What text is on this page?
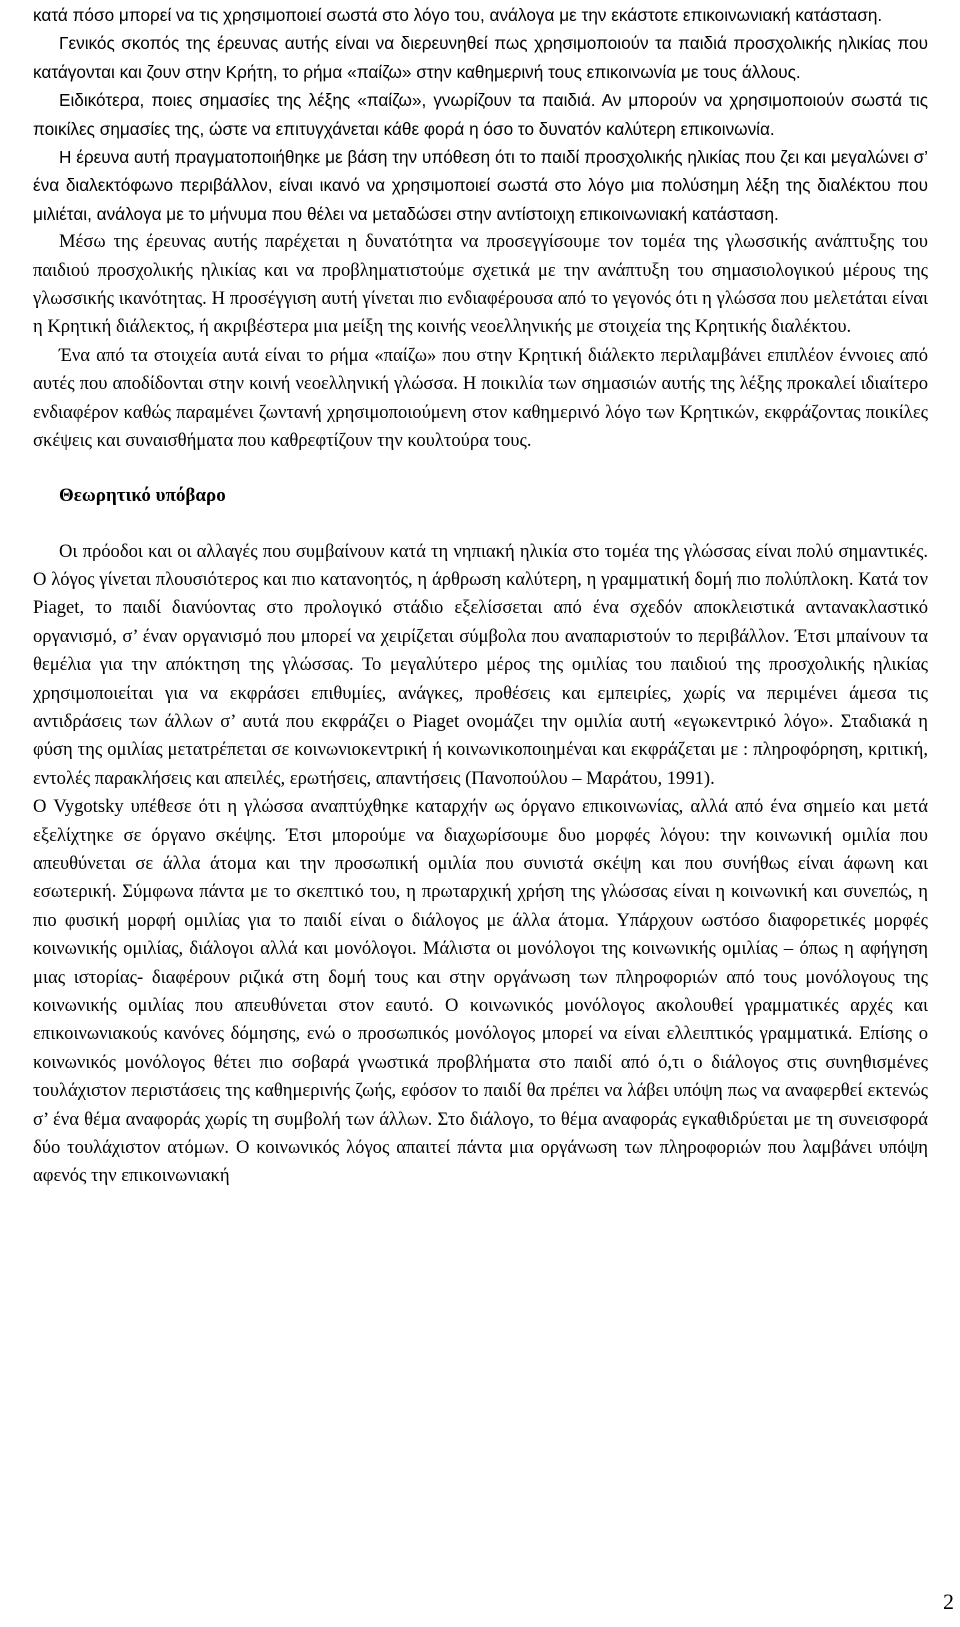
κατά πόσο μπορεί να τις χρησιμοποιεί σωστά στο λόγο του, ανάλογα με την εκάστοτε επικοινωνιακή κατάσταση.

Γενικός σκοπός της έρευνας αυτής είναι να διερευνηθεί πως χρησιμοποιούν τα παιδιά προσχολικής ηλικίας που κατάγονται και ζουν στην Κρήτη, το ρήμα «παίζω» στην καθημερινή τους επικοινωνία με τους άλλους.

Ειδικότερα, ποιες σημασίες της λέξης «παίζω», γνωρίζουν τα παιδιά. Αν μπορούν να χρησιμοποιούν σωστά τις ποικίλες σημασίες της, ώστε να επιτυγχάνεται κάθε φορά η όσο το δυνατόν καλύτερη επικοινωνία.

Η έρευνα αυτή πραγματοποιήθηκε με βάση την υπόθεση ότι το παιδί προσχολικής ηλικίας που ζει και μεγαλώνει σ’ ένα διαλεκτόφωνο περιβάλλον, είναι ικανό να χρησιμοποιεί σωστά στο λόγο μια πολύσημη λέξη της διαλέκτου που μιλιέται, ανάλογα με το μήνυμα που θέλει να μεταδώσει στην αντίστοιχη επικοινωνιακή κατάσταση.

Μέσω της έρευνας αυτής παρέχεται η δυνατότητα να προσεγγίσουμε τον τομέα της γλωσσικής ανάπτυξης του παιδιού προσχολικής ηλικίας και να προβληματιστούμε σχετικά με την ανάπτυξη του σημασιολογικού μέρους της γλωσσικής ικανότητας. Η προσέγγιση αυτή γίνεται πιο ενδιαφέρουσα από το γεγονός ότι η γλώσσα που μελετάται είναι η Κρητική διάλεκτος, ή ακριβέστερα μια μείξη της κοινής νεοελληνικής με στοιχεία της Κρητικής διαλέκτου.

Ένα από τα στοιχεία αυτά είναι το ρήμα «παίζω» που στην Κρητική διάλεκτο περιλαμβάνει επιπλέον έννοιες από αυτές που αποδίδονται στην κοινή νεοελληνική γλώσσα. Η ποικιλία των σημασιών αυτής της λέξης προκαλεί ιδιαίτερο ενδιαφέρον καθώς παραμένει ζωντανή χρησιμοποιούμενη στον καθημερινό λόγο των Κρητικών, εκφράζοντας ποικίλες σκέψεις και συναισθήματα που καθρεφτίζουν την κουλτούρα τους.

Θεωρητικό υπόβαρο

Οι πρόοδοι και οι αλλαγές που συμβαίνουν κατά τη νηπιακή ηλικία στο τομέα της γλώσσας είναι πολύ σημαντικές. Ο λόγος γίνεται πλουσιότερος και πιο κατανοητός, η άρθρωση καλύτερη, η γραμματική δομή πιο πολύπλοκη. Κατά τον Piaget, το παιδί διανύοντας στο προλογικό στάδιο εξελίσσεται από ένα σχεδόν αποκλειστικά αντανακλαστικό οργανισμό, σ’ έναν οργανισμό που μπορεί να χειρίζεται σύμβολα που αναπαριστούν το περιβάλλον. Έτσι μπαίνουν τα θεμέλια για την απόκτηση της γλώσσας. Το μεγαλύτερο μέρος της ομιλίας του παιδιού της προσχολικής ηλικίας χρησιμοποιείται για να εκφράσει επιθυμίες, ανάγκες, προθέσεις και εμπειρίες, χωρίς να περιμένει άμεσα τις αντιδράσεις των άλλων σ’ αυτά που εκφράζει ο Piaget ονομάζει την ομιλία αυτή «εγωκεντρικό λόγο». Σταδιακά η φύση της ομιλίας μετατρέπεται σε κοινωνιοκεντρική ή κοινωνικοποιημέναι και εκφράζεται με : πληροφόρηση, κριτική, εντολές παρακλήσεις και απειλές, ερωτήσεις, απαντήσεις (Πανοπούλου – Μαράτου, 1991).

Ο Vygotsky υπέθεσε ότι η γλώσσα αναπτύχθηκε καταρχήν ως όργανο επικοινωνίας, αλλά από ένα σημείο και μετά εξελίχτηκε σε όργανο σκέψης. Έτσι μπορούμε να διαχωρίσουμε δυο μορφές λόγου: την κοινωνική ομιλία που απευθύνεται σε άλλα άτομα και την προσωπική ομιλία που συνιστά σκέψη και που συνήθως είναι άφωνη και εσωτερική. Σύμφωνα πάντα με το σκεπτικό του, η πρωταρχική χρήση της γλώσσας είναι η κοινωνική και συνεπώς, η πιο φυσική μορφή ομιλίας για το παιδί είναι ο διάλογος με άλλα άτομα. Υπάρχουν ωστόσο διαφορετικές μορφές κοινωνικής ομιλίας, διάλογοι αλλά και μονόλογοι. Μάλιστα οι μονόλογοι της κοινωνικής ομιλίας – όπως η αφήγηση μιας ιστορίας- διαφέρουν ριζικά στη δομή τους και στην οργάνωση των πληροφοριών από τους μονόλογους της κοινωνικής ομιλίας που απευθύνεται στον εαυτό. Ο κοινωνικός μονόλογος ακολουθεί γραμματικές αρχές και επικοινωνιακούς κανόνες δόμησης, ενώ ο προσωπικός μονόλογος μπορεί να είναι ελλειπτικός γραμματικά. Επίσης ο κοινωνικός μονόλογος θέτει πιο σοβαρά γνωστικά προβλήματα στο παιδί από ό,τι ο διάλογος στις συνηθισμένες τουλάχιστον περιστάσεις της καθημερινής ζωής, εφόσον το παιδί θα πρέπει να λάβει υπόψη πως να αναφερθεί εκτενώς σ’ ένα θέμα αναφοράς χωρίς τη συμβολή των άλλων. Στο διάλογο, το θέμα αναφοράς εγκαθιδρύεται με τη συνεισφορά δύο τουλάχιστον ατόμων. Ο κοινωνικός λόγος απαιτεί πάντα μια οργάνωση των πληροφοριών που λαμβάνει υπόψη αφενός την επικοινωνιακή

2
